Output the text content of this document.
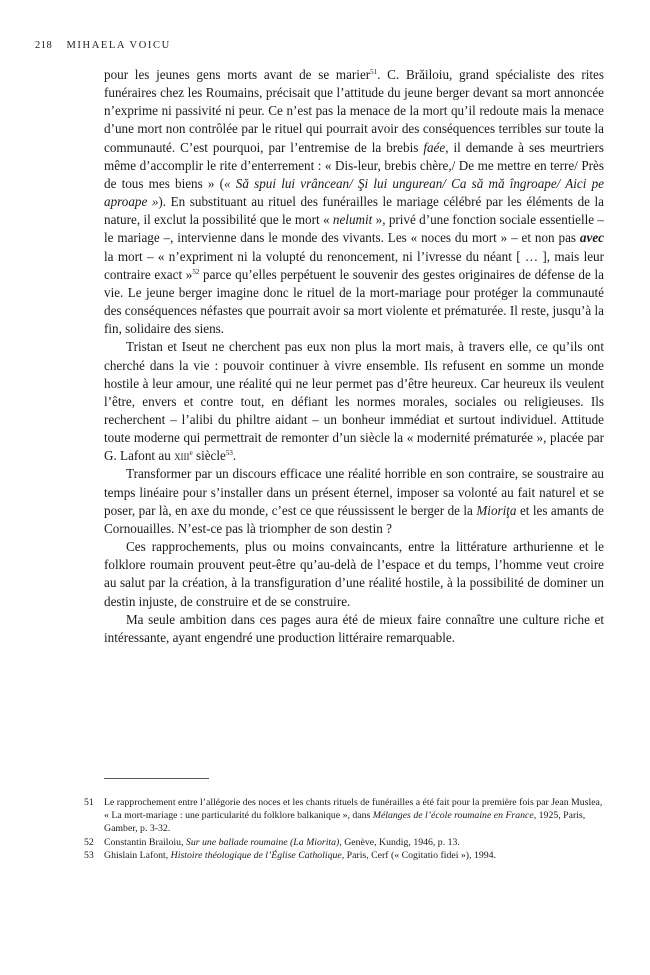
218 MIHAELA VOICU

pour les jeunes gens morts avant de se marier$^{51}$. C. Brăiloiu, grand spécialiste des rites funéraires chez les Roumains, précisait que l’attitude du jeune berger devant sa mort annoncée n’exprime ni passivité ni peur. Ce n’est pas la menace de la mort qu’il redoute mais la menace d’une mort non contrôlée par le rituel qui pourrait avoir des conséquences terribles sur toute la communauté. C’est pourquoi, par l’entremise de la brebis faée, il demande à ses meurtriers même d’accomplir le rite d’enterrement : « Dis-leur, brebis chère,/ De me mettre en terre/ Près de tous mes biens » (« Să spui lui vrâncean/ Şi lui ungurean/ Ca să mă îngroape/ Aici pe aproape »). En substituant au rituel des funérailles le mariage célébré par les éléments de la nature, il exclut la possibilité que le mort « nelumit », privé d’une fonction sociale essentielle – le mariage –, intervienne dans le monde des vivants. Les « noces du mort » – et non pas avec la mort – « n’expriment ni la volupté du renoncement, ni l’ivresse du néant [ … ], mais leur contraire exact »$^{52}$ parce qu’elles perpétuent le souvenir des gestes originaires de défense de la vie. Le jeune berger imagine donc le rituel de la mort-mariage pour protéger la communauté des conséquences néfastes que pourrait avoir sa mort violente et prématurée. Il reste, jusqu’à la fin, solidaire des siens.

Tristan et Iseut ne cherchent pas eux non plus la mort mais, à travers elle, ce qu’ils ont cherché dans la vie : pouvoir continuer à vivre ensemble. Ils refusent en somme un monde hostile à leur amour, une réalité qui ne leur permet pas d’être heureux. Car heureux ils veulent l’être, envers et contre tout, en défiant les normes morales, sociales ou religieuses. Ils recherchent – l’alibi du philtre aidant – un bonheur immédiat et surtout individuel. Attitude toute moderne qui permettrait de remonter d’un siècle la « modernité prématurée », placée par G. Lafont au xiii$^e$ siècle$^{53}$.

Transformer par un discours efficace une réalité horrible en son contraire, se soustraire au temps linéaire pour s’installer dans un présent éternel, imposer sa volonté au fait naturel et se poser, par là, en axe du monde, c’est ce que réussissent le berger de la Mioriţa et les amants de Cornouailles. N’est-ce pas là triompher de son destin ?

Ces rapprochements, plus ou moins convaincants, entre la littérature arthurienne et le folklore roumain prouvent peut-être qu’au-delà de l’espace et du temps, l’homme veut croire au salut par la création, à la transfiguration d’une réalité hostile, à la possibilité de dominer un destin injuste, de construire et de se construire.

Ma seule ambition dans ces pages aura été de mieux faire connaître une culture riche et intéressante, ayant engendré une production littéraire remarquable.

51 Le rapprochement entre l’allégorie des noces et les chants rituels de funérailles a été fait pour la première fois par Jean Muslea, « La mort-mariage : une particularité du folklore balkanique », dans Mélanges de l’école roumaine en France, 1925, Paris, Gamber, p. 3-32.
52 Constantin Brailoiu, Sur une ballade roumaine (La Miorita), Genève, Kundig, 1946, p. 13.
53 Ghislain Lafont, Histoire théologique de l’Église Catholique, Paris, Cerf (« Cogitatio fidei »), 1994.
